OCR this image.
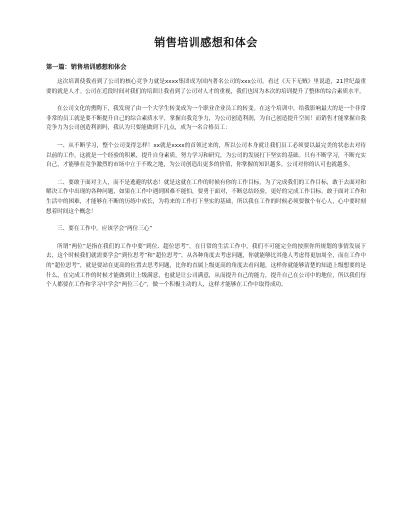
销售培训感想和体会
第一篇：销售培训感想和体会

这次培训使我看到了公司的核心竞争力就是xxxx集团成为国内著名公司的xxx公司。看过《天下无贼》里说道，21世纪最重要的就是人才。公司在近段时间对我们的培训让我看到了公司对人才的重视，我们也因为本次的培训提升了整体的综合素质水平。

在公司文化的熏陶下，我发现了由一个大学生转变成为一个职业企业员工的转变。在这个培训中，给我影响最大的是一个非常非常的员工就是要不断提升自己的综合素质水平，掌握自我竞争力，为公司创造利润，为自己创造提升空间！而销售才能掌握自我竞争力为公司创造利润吗，我认为只要能做到下几点，成为一名合格员工：

一、从不断学习，整个公司变得怎样！xx就是xxxx的首领过来的，所以公司本身就让我们员工必须要以最完美的状态去对待以前的工作，这就是一个经验的积累，提升自身素质，努力学习和研究，为公司的发展打下坚实的基础。只有不断学习，不断充实自己，才能够在竞争激烈的市场中立于不败之地，为公司创造出更多的价值，你掌握的知识越多，公司对你的认可也就越多。

二、要敢于面对主人，而不是逃避的状态！就是这就在工作的时候有你的工作目标，为了完成我们的工作目标，敢于去面对和解决工作中出现的各种问题，如果在工作中遇到困难不能怕，要勇于面对，不断总结经验，更好的完成工作目标。敢于面对工作和生活中的困难，才能够在不断的历练中成长，为将来的工作打下坚实的基础，所以我在工作的时候必须要做个有心人，心中要时刻想着时间这个概念！

三、要在工作中，应该学会“两位三心”

所谓“两位”是指在我们的工作中要“到位、超位思考”。在日常的生活工作中，我们不可能完全的按照你所规划的事情发展下去，这个时候我们就需要学会“到位思考”和“超位思考”，从各种角度去考虑问题，你就能够比其他人考虑得更加周全，而在工作中的“超位思考”，就是要站在更高的位置去思考问题，比你的直属上级更高的角度去看问题，这样你就能够清楚的知道上级想要的是什么，在完成工作的时候才能做到让上级满意，也就是让公司满意，从而提升自己的能力，提升自己在公司中的地位，所以我们每个人都要在工作和学习中学会“两位三心”，做一个积极主动的人，这样才能够在工作中取得成功。
